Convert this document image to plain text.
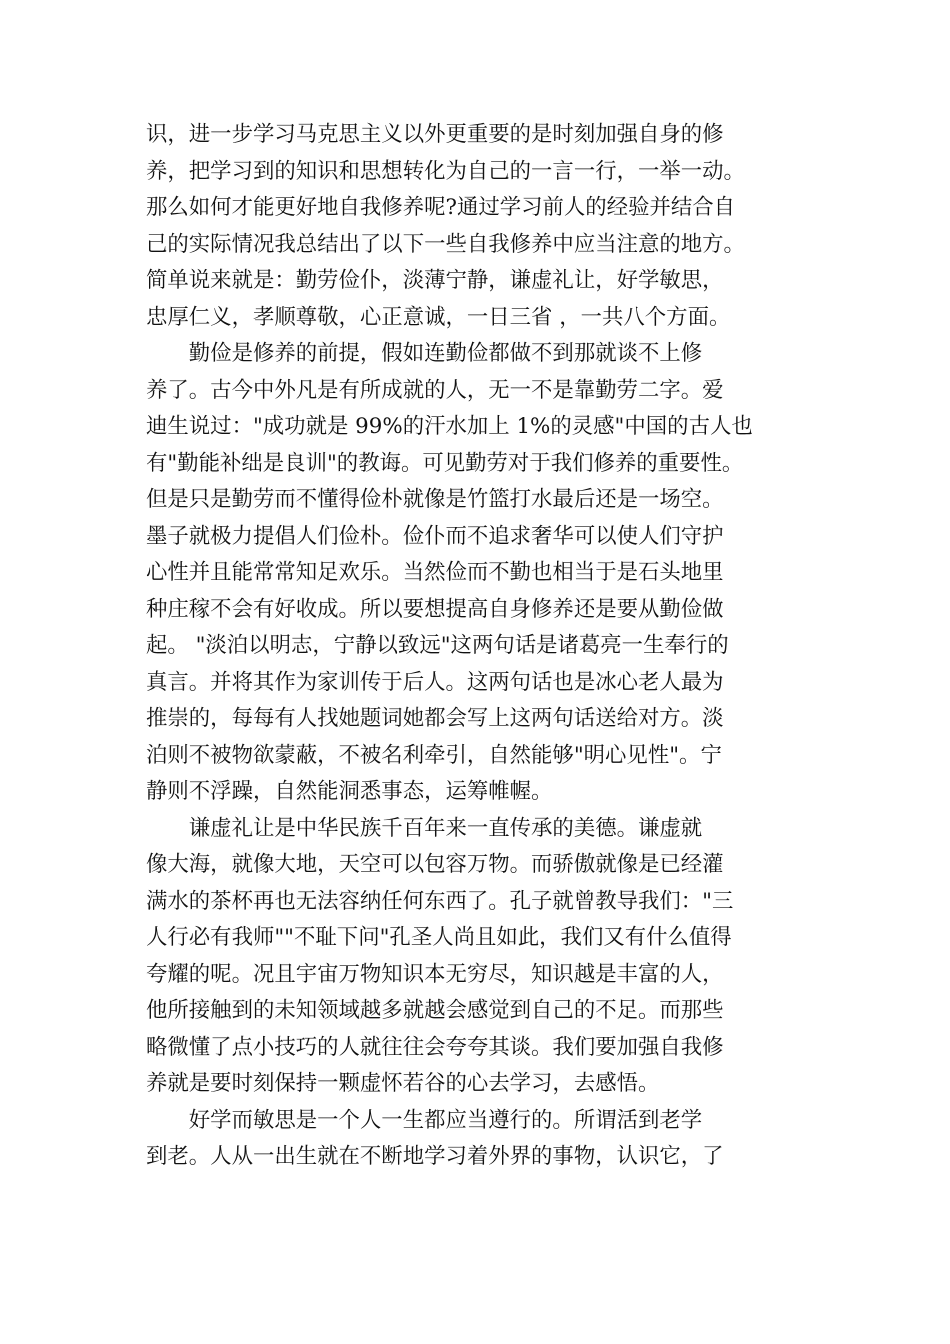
识，进一步学习马克思主义以外更重要的是时刻加强自身的修
养，把学习到的知识和思想转化为自己的一言一行，一举一动。
那么如何才能更好地自我修养呢?通过学习前人的经验并结合自
己的实际情况我总结出了以下一些自我修养中应当注意的地方。
简单说来就是：勤劳俭仆，淡薄宁静，谦虚礼让，好学敏思，
忠厚仁义，孝顺尊敬，心正意诚，一日三省 ，一共八个方面。
　　勤俭是修养的前提，假如连勤俭都做不到那就谈不上修
养了。古今中外凡是有所成就的人，无一不是靠勤劳二字。爱
迪生说过："成功就是 99%的汗水加上 1%的灵感"中国的古人也
有"勤能补绌是良训"的教诲。可见勤劳对于我们修养的重要性。
但是只是勤劳而不懂得俭朴就像是竹篮打水最后还是一场空。
墨子就极力提倡人们俭朴。俭仆而不追求奢华可以使人们守护
心性并且能常常知足欢乐。当然俭而不勤也相当于是石头地里
种庄稼不会有好收成。所以要想提高自身修养还是要从勤俭做
起。 "淡泊以明志，宁静以致远"这两句话是诸葛亮一生奉行的
真言。并将其作为家训传于后人。这两句话也是冰心老人最为
推崇的，每每有人找她题词她都会写上这两句话送给对方。淡
泊则不被物欲蒙蔽，不被名利牵引，自然能够"明心见性"。宁
静则不浮躁，自然能洞悉事态，运筹帷幄。
　　谦虚礼让是中华民族千百年来一直传承的美德。谦虚就
像大海，就像大地，天空可以包容万物。而骄傲就像是已经灌
满水的茶杯再也无法容纳任何东西了。孔子就曾教导我们："三
人行必有我师""不耻下问"孔圣人尚且如此，我们又有什么值得
夸耀的呢。况且宇宙万物知识本无穷尽，知识越是丰富的人，
他所接触到的未知领域越多就越会感觉到自己的不足。而那些
略微懂了点小技巧的人就往往会夸夸其谈。我们要加强自我修
养就是要时刻保持一颗虚怀若谷的心去学习，去感悟。
　　好学而敏思是一个人一生都应当遵行的。所谓活到老学
到老。人从一出生就在不断地学习着外界的事物，认识它，了
